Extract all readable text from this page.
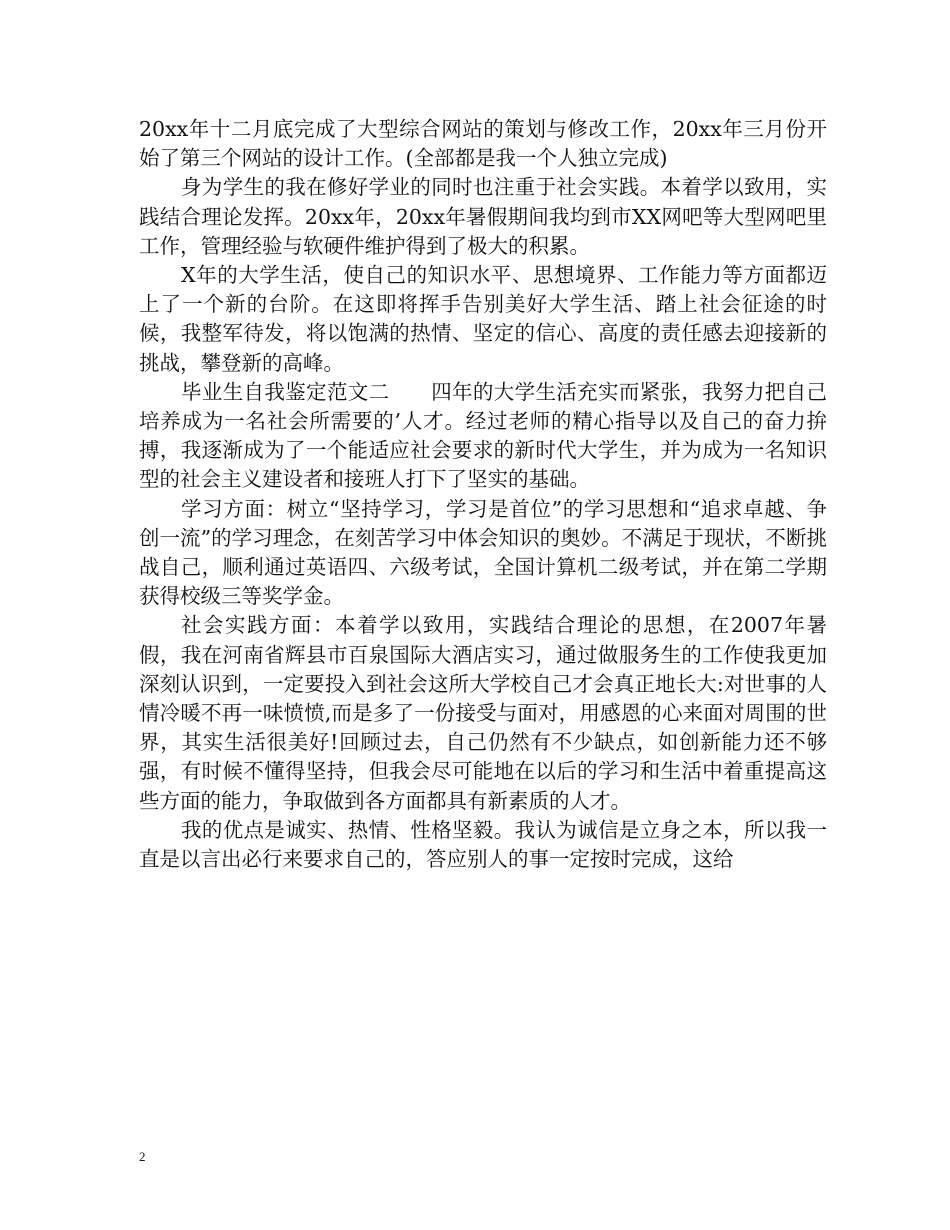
20xx年十二月底完成了大型综合网站的策划与修改工作，20xx年三月份开始了第三个网站的设计工作。(全部都是我一个人独立完成)

身为学生的我在修好学业的同时也注重于社会实践。本着学以致用，实践结合理论发挥。20xx年，20xx年暑假期间我均到市XX网吧等大型网吧里工作，管理经验与软硬件维护得到了极大的积累。

X年的大学生活，使自己的知识水平、思想境界、工作能力等方面都迈上了一个新的台阶。在这即将挥手告别美好大学生活、踏上社会征途的时候，我整军待发，将以饱满的热情、坚定的信心、高度的责任感去迎接新的挑战，攀登新的高峰。

毕业生自我鉴定范文二　　四年的大学生活充实而紧张，我努力把自己培养成为一名社会所需要的’人才。经过老师的精心指导以及自己的奋力拚搏，我逐渐成为了一个能适应社会要求的新时代大学生，并为成为一名知识型的社会主义建设者和接班人打下了坚实的基础。

学习方面：树立“坚持学习，学习是首位”的学习思想和“追求卓越、争创一流”的学习理念，在刻苦学习中体会知识的奥妙。不满足于现状，不断挑战自己，顺利通过英语四、六级考试，全国计算机二级考试，并在第二学期获得校级三等奖学金。

社会实践方面：本着学以致用，实践结合理论的思想，在2007年暑假，我在河南省辉县市百泉国际大酒店实习，通过做服务生的工作使我更加深刻认识到，一定要投入到社会这所大学校自己才会真正地长大:对世事的人情冷暖不再一味愤愤,而是多了一份接受与面对，用感恩的心来面对周围的世界，其实生活很美好!回顾过去，自己仍然有不少缺点，如创新能力还不够强，有时候不懂得坚持，但我会尽可能地在以后的学习和生活中着重提高这些方面的能力，争取做到各方面都具有新素质的人才。

我的优点是诚实、热情、性格坚毅。我认为诚信是立身之本，所以我一直是以言出必行来要求自己的，答应别人的事一定按时完成，这给

2
